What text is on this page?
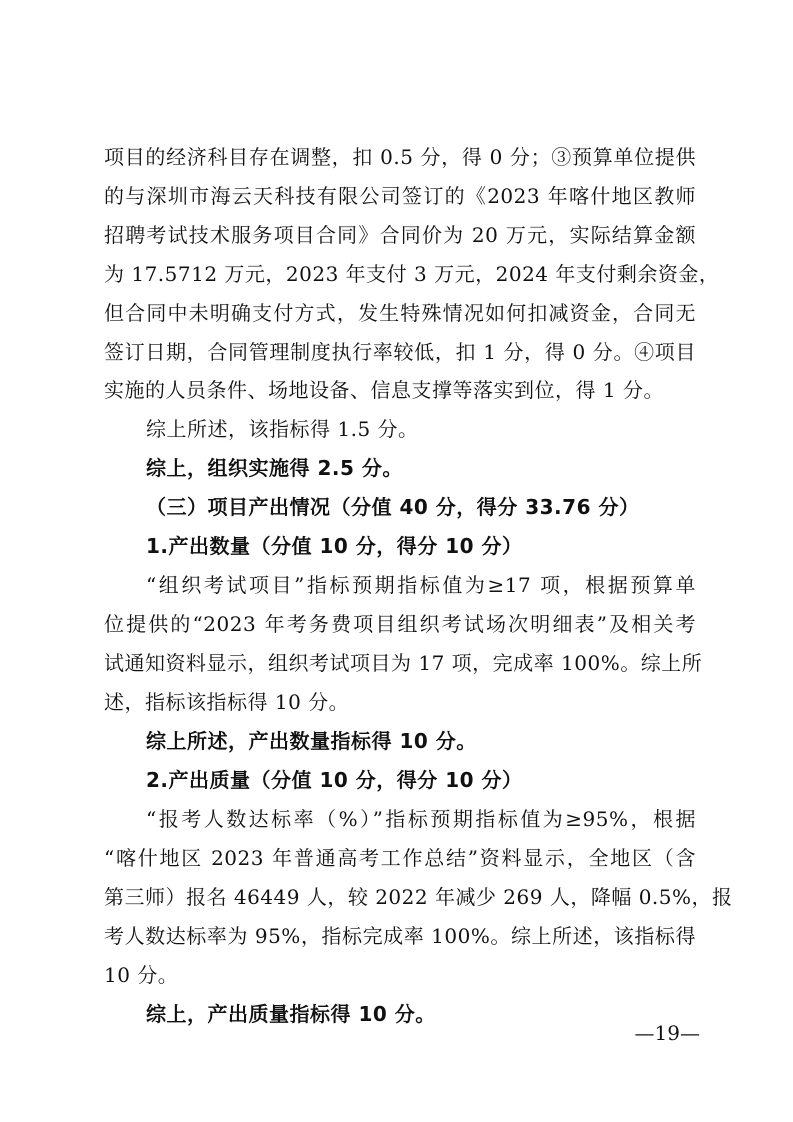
项目的经济科目存在调整，扣 0.5 分，得 0 分；③预算单位提供
的与深圳市海云天科技有限公司签订的《2023 年喀什地区教师
招聘考试技术服务项目合同》合同价为 20 万元，实际结算金额
为 17.5712 万元，2023 年支付 3 万元，2024 年支付剩余资金，
但合同中未明确支付方式，发生特殊情况如何扣减资金，合同无
签订日期，合同管理制度执行率较低，扣 1 分，得 0 分。④项目
实施的人员条件、场地设备、信息支撑等落实到位，得 1 分。
综上所述，该指标得 1.5 分。
综上，组织实施得 2.5 分。
（三）项目产出情况（分值 40 分，得分 33.76 分）
1.产出数量（分值 10 分，得分 10 分）
“组织考试项目”指标预期指标值为≥17 项，根据预算单
位提供的“2023 年考务费项目组织考试场次明细表”及相关考
试通知资料显示，组织考试项目为 17 项，完成率 100%。综上所
述，指标该指标得 10 分。
综上所述，产出数量指标得 10 分。
2.产出质量（分值 10 分，得分 10 分）
“报考人数达标率（%）”指标预期指标值为≥95%，根据
“喀什地区 2023 年普通高考工作总结”资料显示，全地区（含
第三师）报名 46449 人，较 2022 年减少 269 人，降幅 0.5%，报
考人数达标率为 95%，指标完成率 100%。综上所述，该指标得
10 分。
综上，产出质量指标得 10 分。
—19—
